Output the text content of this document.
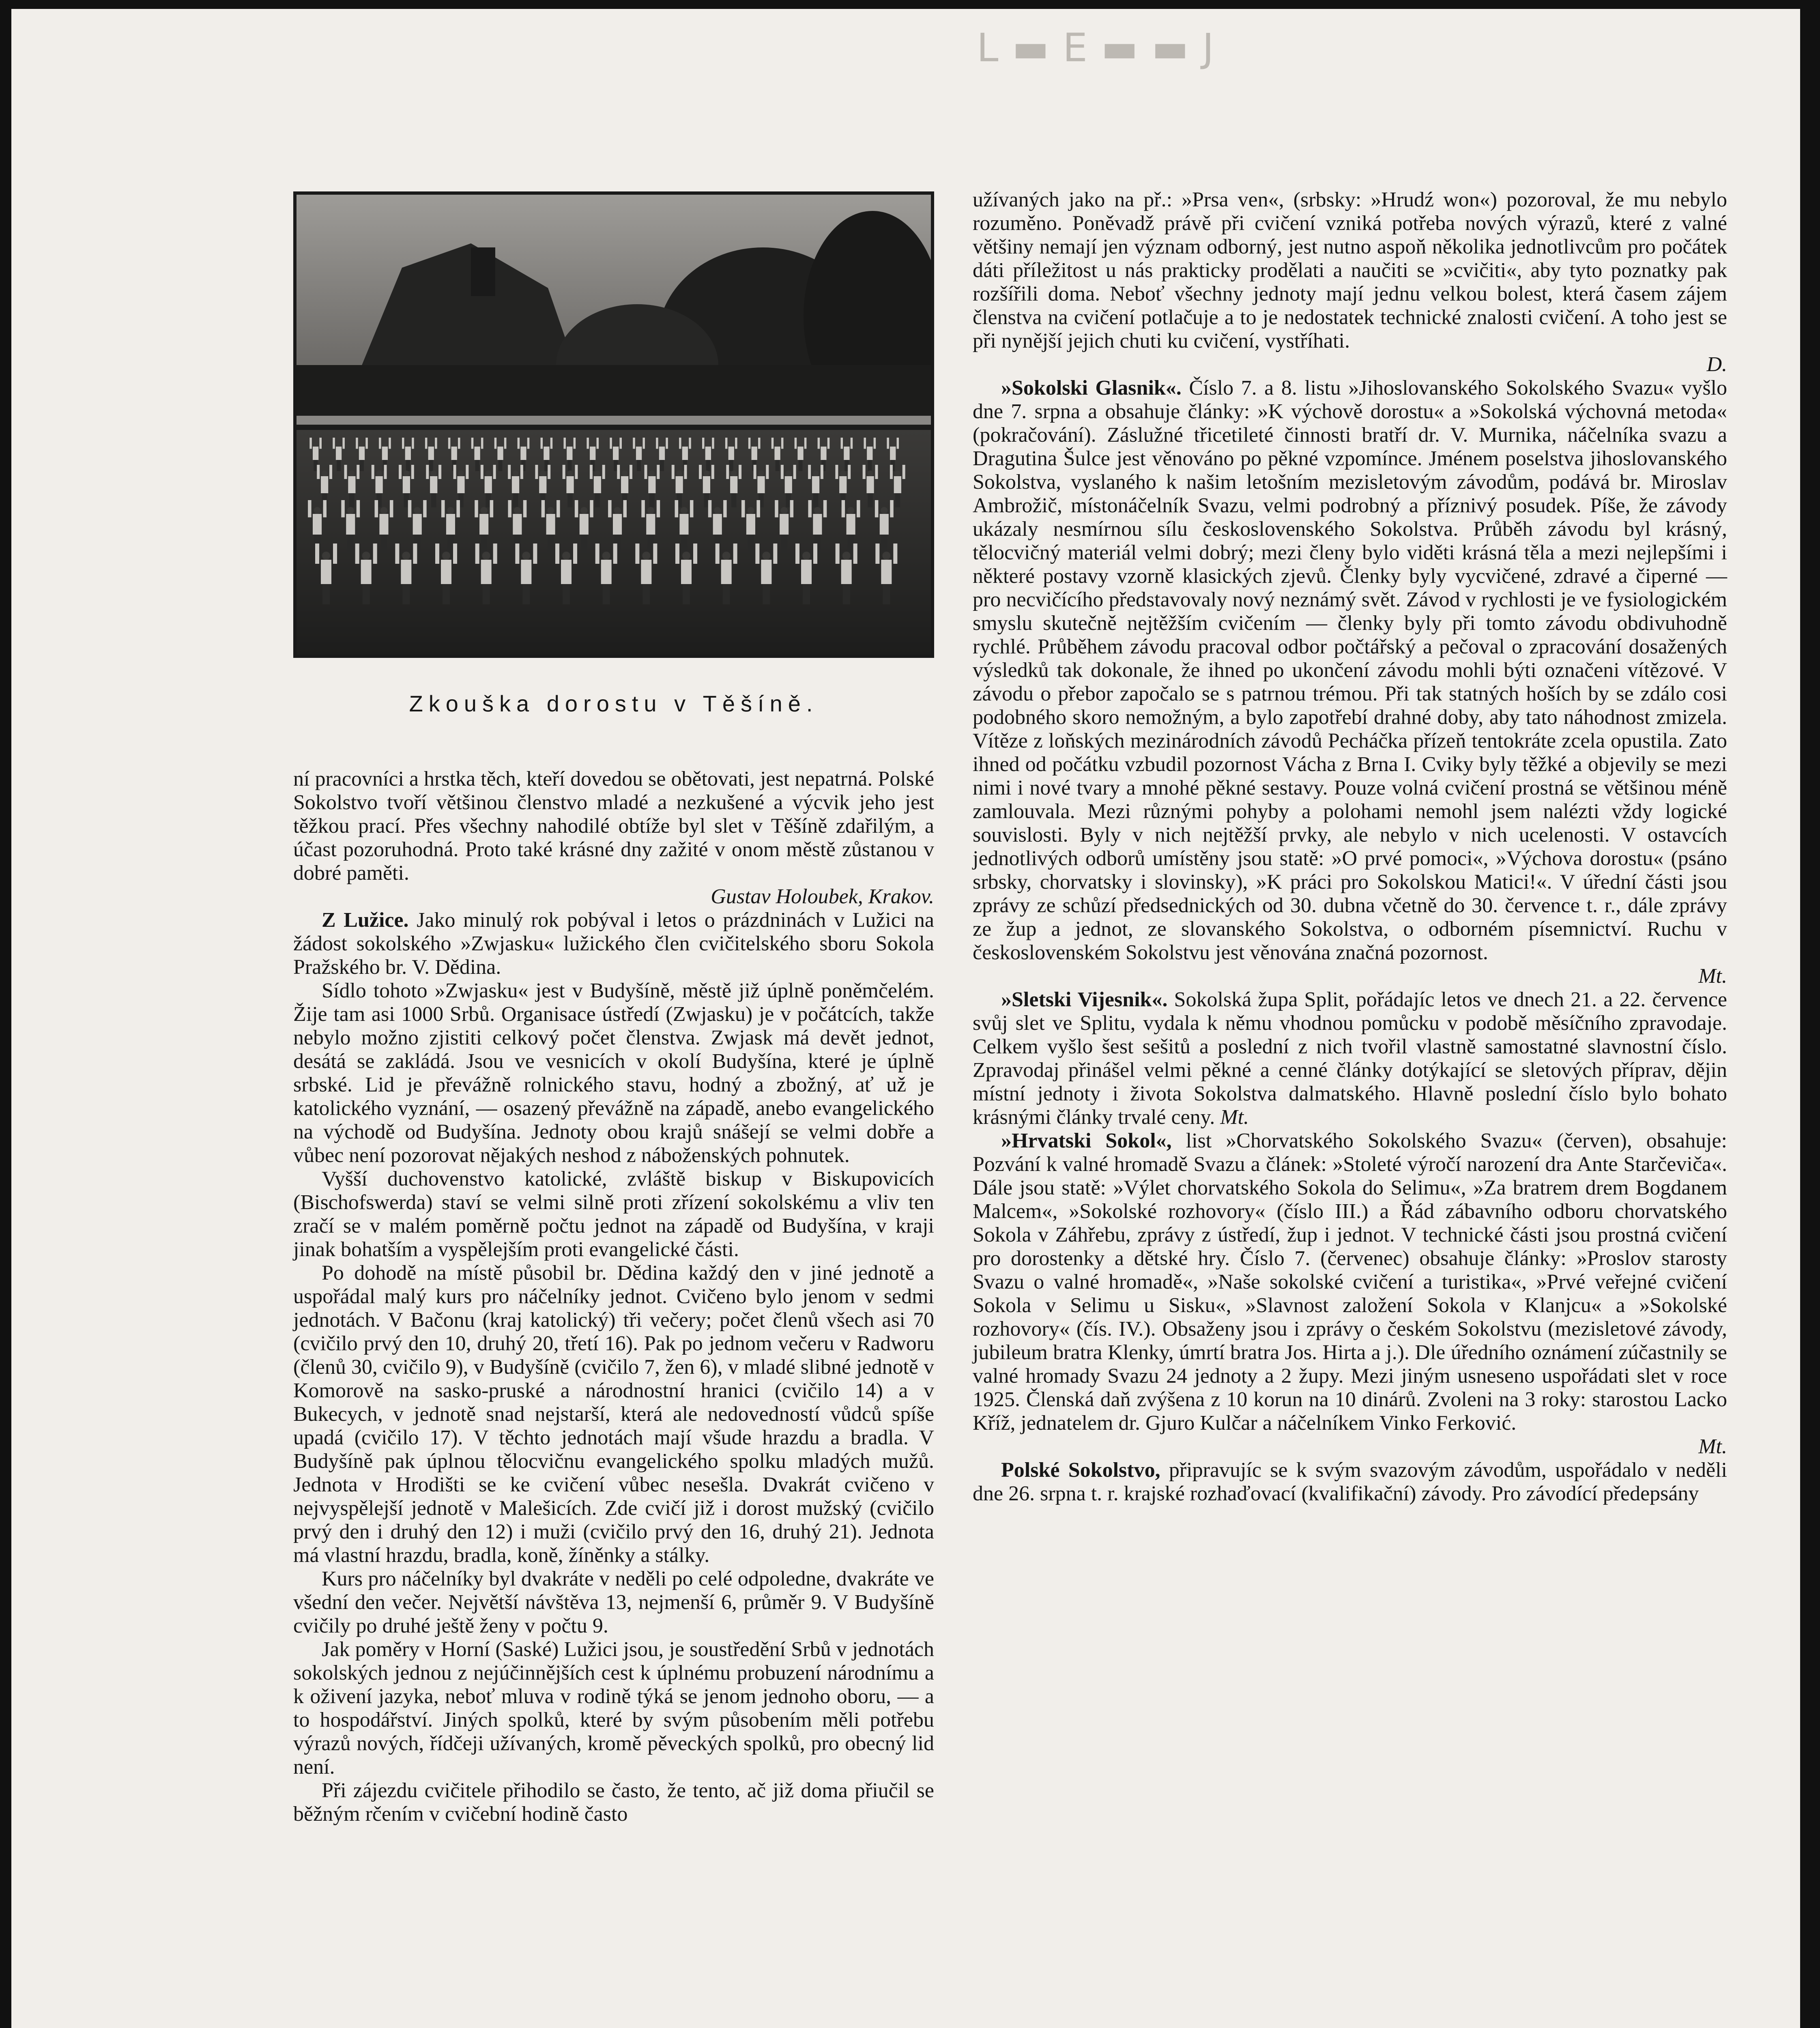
L▬E▬▬J
Zkouška dorostu v Těšíně.

ní pracovníci a hrstka těch, kteří dovedou se obětovati, jest nepatrná. Polské Sokolstvo tvoří většinou členstvo mladé a nezkušené a výcvik jeho jest těžkou prací. Přes všechny nahodilé obtíže byl slet v Těšíně zdařilým, a účast pozoruhodná. Proto také krásné dny zažité v onom městě zůstanou v dobré paměti.

Gustav Holoubek, Krakov.

Z Lužice. Jako minulý rok pobýval i letos o prázdninách v Lužici na žádost sokolského »Zwjasku« lužického člen cvičitelského sboru Sokola Pražského br. V. Dědina.

Sídlo tohoto »Zwjasku« jest v Budyšíně, městě již úplně poněmčelém. Žije tam asi 1000 Srbů. Organisace ústředí (Zwjasku) je v počátcích, takže nebylo možno zjistiti celkový počet členstva. Zwjask má devět jednot, desátá se zakládá. Jsou ve vesnicích v okolí Budyšína, které je úplně srbské. Lid je převážně rolnického stavu, hodný a zbožný, ať už je katolického vyznání, — osazený převážně na západě, anebo evangelického na východě od Budyšína. Jednoty obou krajů snášejí se velmi dobře a vůbec není pozorovat nějakých neshod z náboženských pohnutek.

Vyšší duchovenstvo katolické, zvláště biskup v Biskupovicích (Bischofswerda) staví se velmi silně proti zřízení sokolskému a vliv ten zračí se v malém poměrně počtu jednot na západě od Budyšína, v kraji jinak bohatším a vyspělejším proti evangelické části.

Po dohodě na místě působil br. Dědina každý den v jiné jednotě a uspořádal malý kurs pro náčelníky jednot. Cvičeno bylo jenom v sedmi jednotách. V Bačonu (kraj katolický) tři večery; počet členů všech asi 70 (cvičilo prvý den 10, druhý 20, třetí 16). Pak po jednom večeru v Radworu (členů 30, cvičilo 9), v Budyšíně (cvičilo 7, žen 6), v mladé slibné jednotě v Komorově na sasko-pruské a národnostní hranici (cvičilo 14) a v Bukecych, v jednotě snad nejstarší, která ale nedovedností vůdců spíše upadá (cvičilo 17). V těchto jednotách mají všude hrazdu a bradla. V Budyšíně pak úplnou tělocvičnu evangelického spolku mladých mužů. Jednota v Hrodišti se ke cvičení vůbec nesešla. Dvakrát cvičeno v nejvyspělejší jednotě v Malešicích. Zde cvičí již i dorost mužský (cvičilo prvý den i druhý den 12) i muži (cvičilo prvý den 16, druhý 21). Jednota má vlastní hrazdu, bradla, koně, žíněnky a stálky.

Kurs pro náčelníky byl dvakráte v neděli po celé odpoledne, dvakráte ve všední den večer. Největší návštěva 13, nejmenší 6, průměr 9. V Budyšíně cvičily po druhé ještě ženy v počtu 9.

Jak poměry v Horní (Saské) Lužici jsou, je soustředění Srbů v jednotách sokolských jednou z nejúčinnějších cest k úplnému probuzení národnímu a k oživení jazyka, neboť mluva v rodině týká se jenom jednoho oboru, — a to hospodářství. Jiných spolků, které by svým působením měli potřebu výrazů nových, řídčeji užívaných, kromě pěveckých spolků, pro obecný lid není.

Při zájezdu cvičitele přihodilo se často, že tento, ač již doma přiučil se běžným rčením v cvičební hodině často

užívaných jako na př.: »Prsa ven«, (srbsky: »Hrudź won«) pozoroval, že mu nebylo rozuměno. Poněvadž právě při cvičení vzniká potřeba nových výrazů, které z valné většiny nemají jen význam odborný, jest nutno aspoň několika jednotlivcům pro počátek dáti příležitost u nás prakticky prodělati a naučiti se »cvičiti«, aby tyto poznatky pak rozšířili doma. Neboť všechny jednoty mají jednu velkou bolest, která časem zájem členstva na cvičení potlačuje a to je nedostatek technické znalosti cvičení. A toho jest se při nynější jejich chuti ku cvičení, vystříhati.

D.

»Sokolski Glasnik«. Číslo 7. a 8. listu »Jihoslovanského Sokolského Svazu« vyšlo dne 7. srpna a obsahuje články: »K výchově dorostu« a »Sokolská výchovná metoda« (pokračování). Záslužné třicetileté činnosti bratří dr. V. Murnika, náčelníka svazu a Dragutina Šulce jest věnováno po pěkné vzpomínce. Jménem poselstva jihoslovanského Sokolstva, vyslaného k našim letošním mezisletovým závodům, podává br. Miroslav Ambrožič, místonáčelník Svazu, velmi podrobný a příznivý posudek. Píše, že závody ukázaly nesmírnou sílu československého Sokolstva. Průběh závodu byl krásný, tělocvičný materiál velmi dobrý; mezi členy bylo viděti krásná těla a mezi nejlepšími i některé postavy vzorně klasických zjevů. Členky byly vycvičené, zdravé a čiperné — pro necvičícího představovaly nový neznámý svět. Závod v rychlosti je ve fysiologickém smyslu skutečně nejtěžším cvičením — členky byly při tomto závodu obdivuhodně rychlé. Průběhem závodu pracoval odbor počtářský a pečoval o zpracování dosažených výsledků tak dokonale, že ihned po ukončení závodu mohli býti označeni vítězové. V závodu o přebor započalo se s patrnou trémou. Při tak statných hoších by se zdálo cosi podobného skoro nemožným, a bylo zapotřebí drahné doby, aby tato náhodnost zmizela. Vítěze z loňských mezinárodních závodů Pecháčka přízeň tentokráte zcela opustila. Zato ihned od počátku vzbudil pozornost Vácha z Brna I. Cviky byly těžké a objevily se mezi nimi i nové tvary a mnohé pěkné sestavy. Pouze volná cvičení prostná se většinou méně zamlouvala. Mezi různými pohyby a polohami nemohl jsem nalézti vždy logické souvislosti. Byly v nich nejtěžší prvky, ale nebylo v nich ucelenosti. V ostavcích jednotlivých odborů umístěny jsou statě: »O prvé pomoci«, »Výchova dorostu« (psáno srbsky, chorvatsky i slovinsky), »K práci pro Sokolskou Matici!«. V úřední části jsou zprávy ze schůzí předsednických od 30. dubna včetně do 30. července t. r., dále zprávy ze žup a jednot, ze slovanského Sokolstva, o odborném písemnictví. Ruchu v československém Sokolstvu jest věnována značná pozornost.

Mt.

»Sletski Vijesnik«. Sokolská župa Split, pořádajíc letos ve dnech 21. a 22. července svůj slet ve Splitu, vydala k němu vhodnou pomůcku v podobě měsíčního zpravodaje. Celkem vyšlo šest sešitů a poslední z nich tvořil vlastně samostatné slavnostní číslo. Zpravodaj přinášel velmi pěkné a cenné články dotýkající se sletových příprav, dějin místní jednoty i života Sokolstva dalmatského. Hlavně poslední číslo bylo bohato krásnými články trvalé ceny. Mt.

»Hrvatski Sokol«, list »Chorvatského Sokolského Svazu« (červen), obsahuje: Pozvání k valné hromadě Svazu a článek: »Stoleté výročí narození dra Ante Starčeviča«. Dále jsou statě: »Výlet chorvatského Sokola do Selimu«, »Za bratrem drem Bogdanem Malcem«, »Sokolské rozhovory« (číslo III.) a Řád zábavního odboru chorvatského Sokola v Záhřebu, zprávy z ústředí, žup i jednot. V technické části jsou prostná cvičení pro dorostenky a dětské hry. Číslo 7. (červenec) obsahuje články: »Proslov starosty Svazu o valné hromadě«, »Naše sokolské cvičení a turistika«, »Prvé veřejné cvičení Sokola v Selimu u Sisku«, »Slavnost založení Sokola v Klanjcu« a »Sokolské rozhovory« (čís. IV.). Obsaženy jsou i zprávy o českém Sokolstvu (mezisletové závody, jubileum bratra Klenky, úmrtí bratra Jos. Hirta a j.). Dle úředního oznámení zúčastnily se valné hromady Svazu 24 jednoty a 2 župy. Mezi jiným usneseno uspořádati slet v roce 1925. Členská daň zvýšena z 10 korun na 10 dinárů. Zvoleni na 3 roky: starostou Lacko Kříž, jednatelem dr. Gjuro Kulčar a náčelníkem Vinko Ferković.

Mt.

Polské Sokolstvo, připravujíc se k svým svazovým závodům, uspořádalo v neděli dne 26. srpna t. r. krajské rozhaďovací (kvalifikační) závody. Pro závodící předepsány
